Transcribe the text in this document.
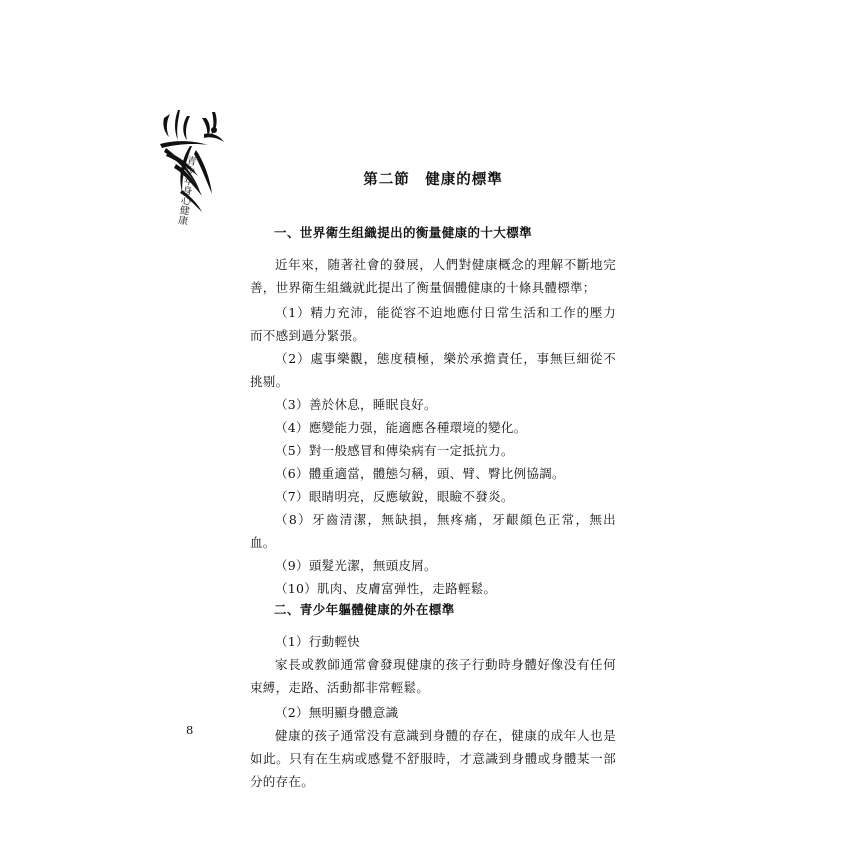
青少年身心健康	第二節　健康的標準
一、世界衛生组織提出的衡量健康的十大標準

近年來，随著社會的發展，人們對健康概念的理解不斷地完善，世界衛生組織就此提出了衡量個體健康的十條具體標準；

（1）精力充沛，能從容不迫地應付日常生活和工作的壓力而不感到過分緊張。

（2）處事樂觀，態度積極，樂於承擔責任，事無巨細從不挑剔。

（3）善於休息，睡眠良好。

（4）應變能力强，能適應各種環境的變化。

（5）對一般感冒和傳染病有一定抵抗力。

（6）體重適當，體態匀稱，頭、臂、臀比例協調。

（7）眼睛明亮，反應敏銳，眼瞼不發炎。

（8）牙齒清潔，無缺損，無疼痛，牙齦顔色正常，無出血。

（9）頭髮光潔，無頭皮屑。

（10）肌肉、皮膚富弹性，走路輕鬆。

二、青少年軀體健康的外在標準

（1）行動輕快

家長或教師通常會發現健康的孩子行動時身體好像没有任何束縛，走路、活動都非常輕鬆。

（2）無明顯身體意識

健康的孩子通常没有意識到身體的存在，健康的成年人也是如此。只有在生病或感覺不舒服時，才意識到身體或身體某一部分的存在。

8
